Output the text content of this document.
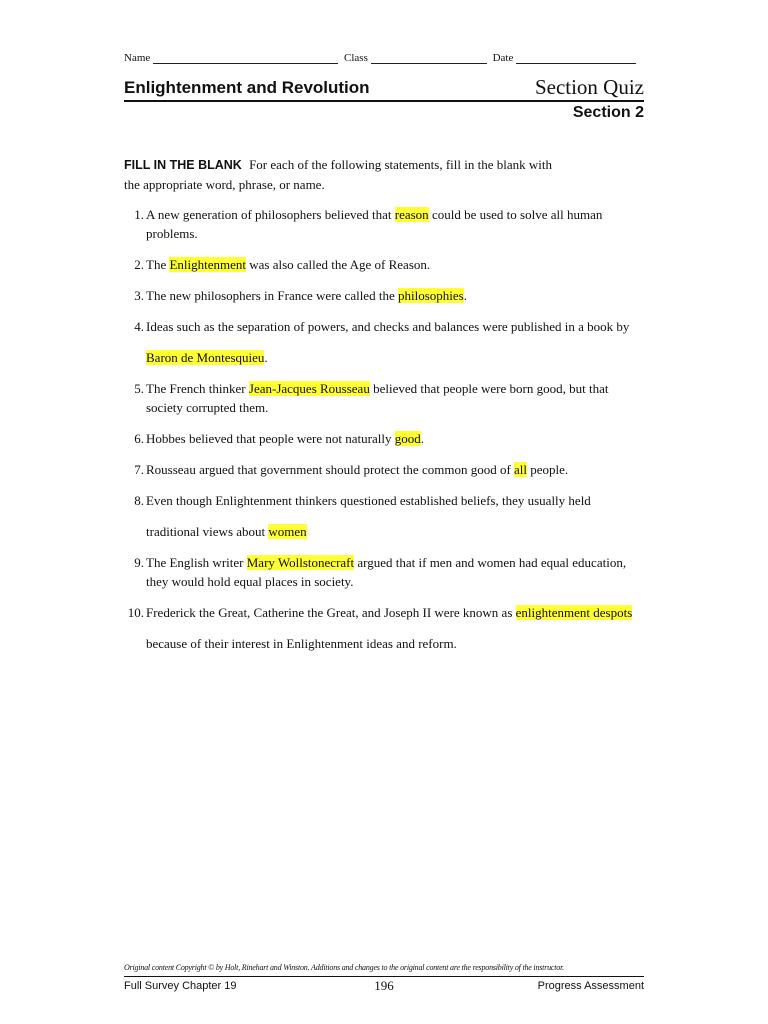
Name	Class	Date
Enlightenment and Revolution	Section Quiz
Section 2
FILL IN THE BLANK For each of the following statements, fill in the blank with the appropriate word, phrase, or name.
1. A new generation of philosophers believed that reason could be used to solve all human problems.
2. The Enlightenment was also called the Age of Reason.
3. The new philosophers in France were called the philosophies.
4. Ideas such as the separation of powers, and checks and balances were published in a book by Baron de Montesquieu.
5. The French thinker Jean-Jacques Rousseau believed that people were born good, but that society corrupted them.
6. Hobbes believed that people were not naturally good.
7. Rousseau argued that government should protect the common good of all people.
8. Even though Enlightenment thinkers questioned established beliefs, they usually held traditional views about women
9. The English writer Mary Wollstonecraft argued that if men and women had equal education, they would hold equal places in society.
10. Frederick the Great, Catherine the Great, and Joseph II were known as enlightenment despots because of their interest in Enlightenment ideas and reform.
Original content Copyright © by Holt, Rinehart and Winston. Additions and changes to the original content are the responsibility of the instructor.
Full Survey Chapter 19	196	Progress Assessment
